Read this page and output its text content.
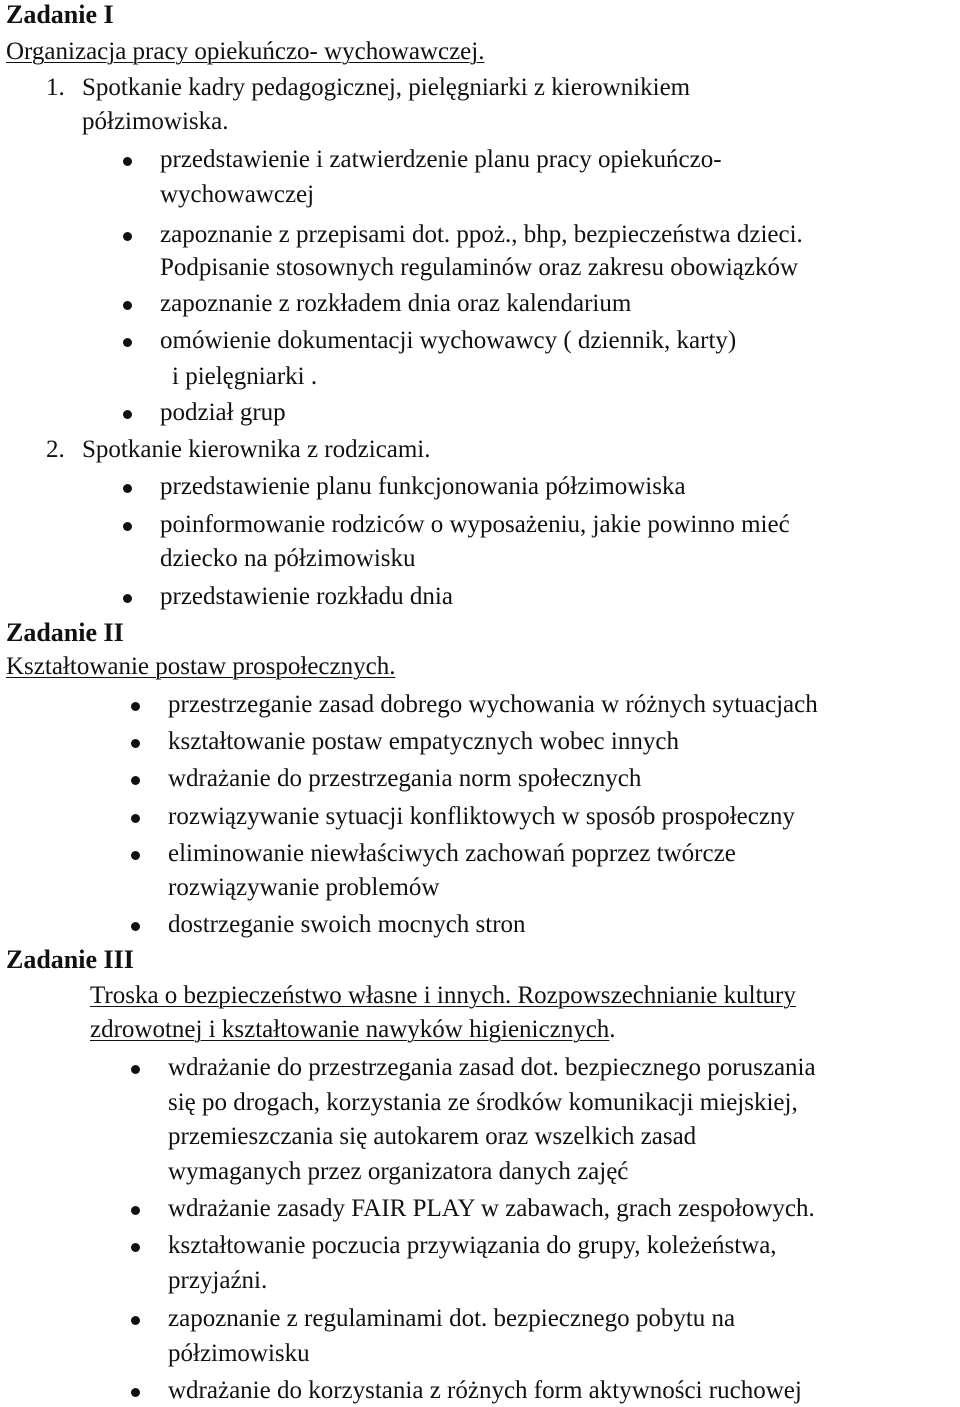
Zadanie I
Organizacja pracy opiekuńczo- wychowawczej.
1. Spotkanie kadry pedagogicznej, pielęgniarki z kierownikiem
półzimowiska.
przedstawienie i zatwierdzenie planu pracy opiekuńczo-
wychowawczej
zapoznanie z przepisami dot. ppoż., bhp, bezpieczeństwa dzieci.
Podpisanie stosownych regulaminów oraz zakresu obowiązków
zapoznanie z rozkładem dnia oraz kalendarium
omówienie dokumentacji wychowawcy ( dziennik, karty)
i pielęgniarki .
podział grup
2. Spotkanie kierownika z rodzicami.
przedstawienie planu funkcjonowania półzimowiska
poinformowanie rodziców o wyposażeniu, jakie powinno mieć
dziecko na półzimowisku
przedstawienie rozkładu dnia
Zadanie II
Kształtowanie postaw prospołecznych.
przestrzeganie zasad dobrego wychowania w różnych sytuacjach
kształtowanie postaw empatycznych wobec innych
wdrażanie do przestrzegania norm społecznych
rozwiązywanie sytuacji konfliktowych w sposób prospołeczny
eliminowanie niewłaściwych zachowań poprzez twórcze
rozwiązywanie problemów
dostrzeganie swoich mocnych stron
Zadanie III
Troska o bezpieczeństwo własne i innych. Rozpowszechnianie kultury
zdrowotnej i kształtowanie nawyków higienicznych.
wdrażanie do przestrzegania zasad dot. bezpiecznego poruszania
się po drogach, korzystania ze środków komunikacji miejskiej,
przemieszczania się autokarem oraz wszelkich zasad
wymaganych przez organizatora danych zajęć
wdrażanie zasady FAIR PLAY w zabawach, grach zespołowych.
kształtowanie poczucia przywiązania do grupy, koleżeństwa,
przyjaźni.
zapoznanie z regulaminami dot. bezpiecznego pobytu na
półzimowisku
wdrażanie do korzystania z różnych form aktywności ruchowej
